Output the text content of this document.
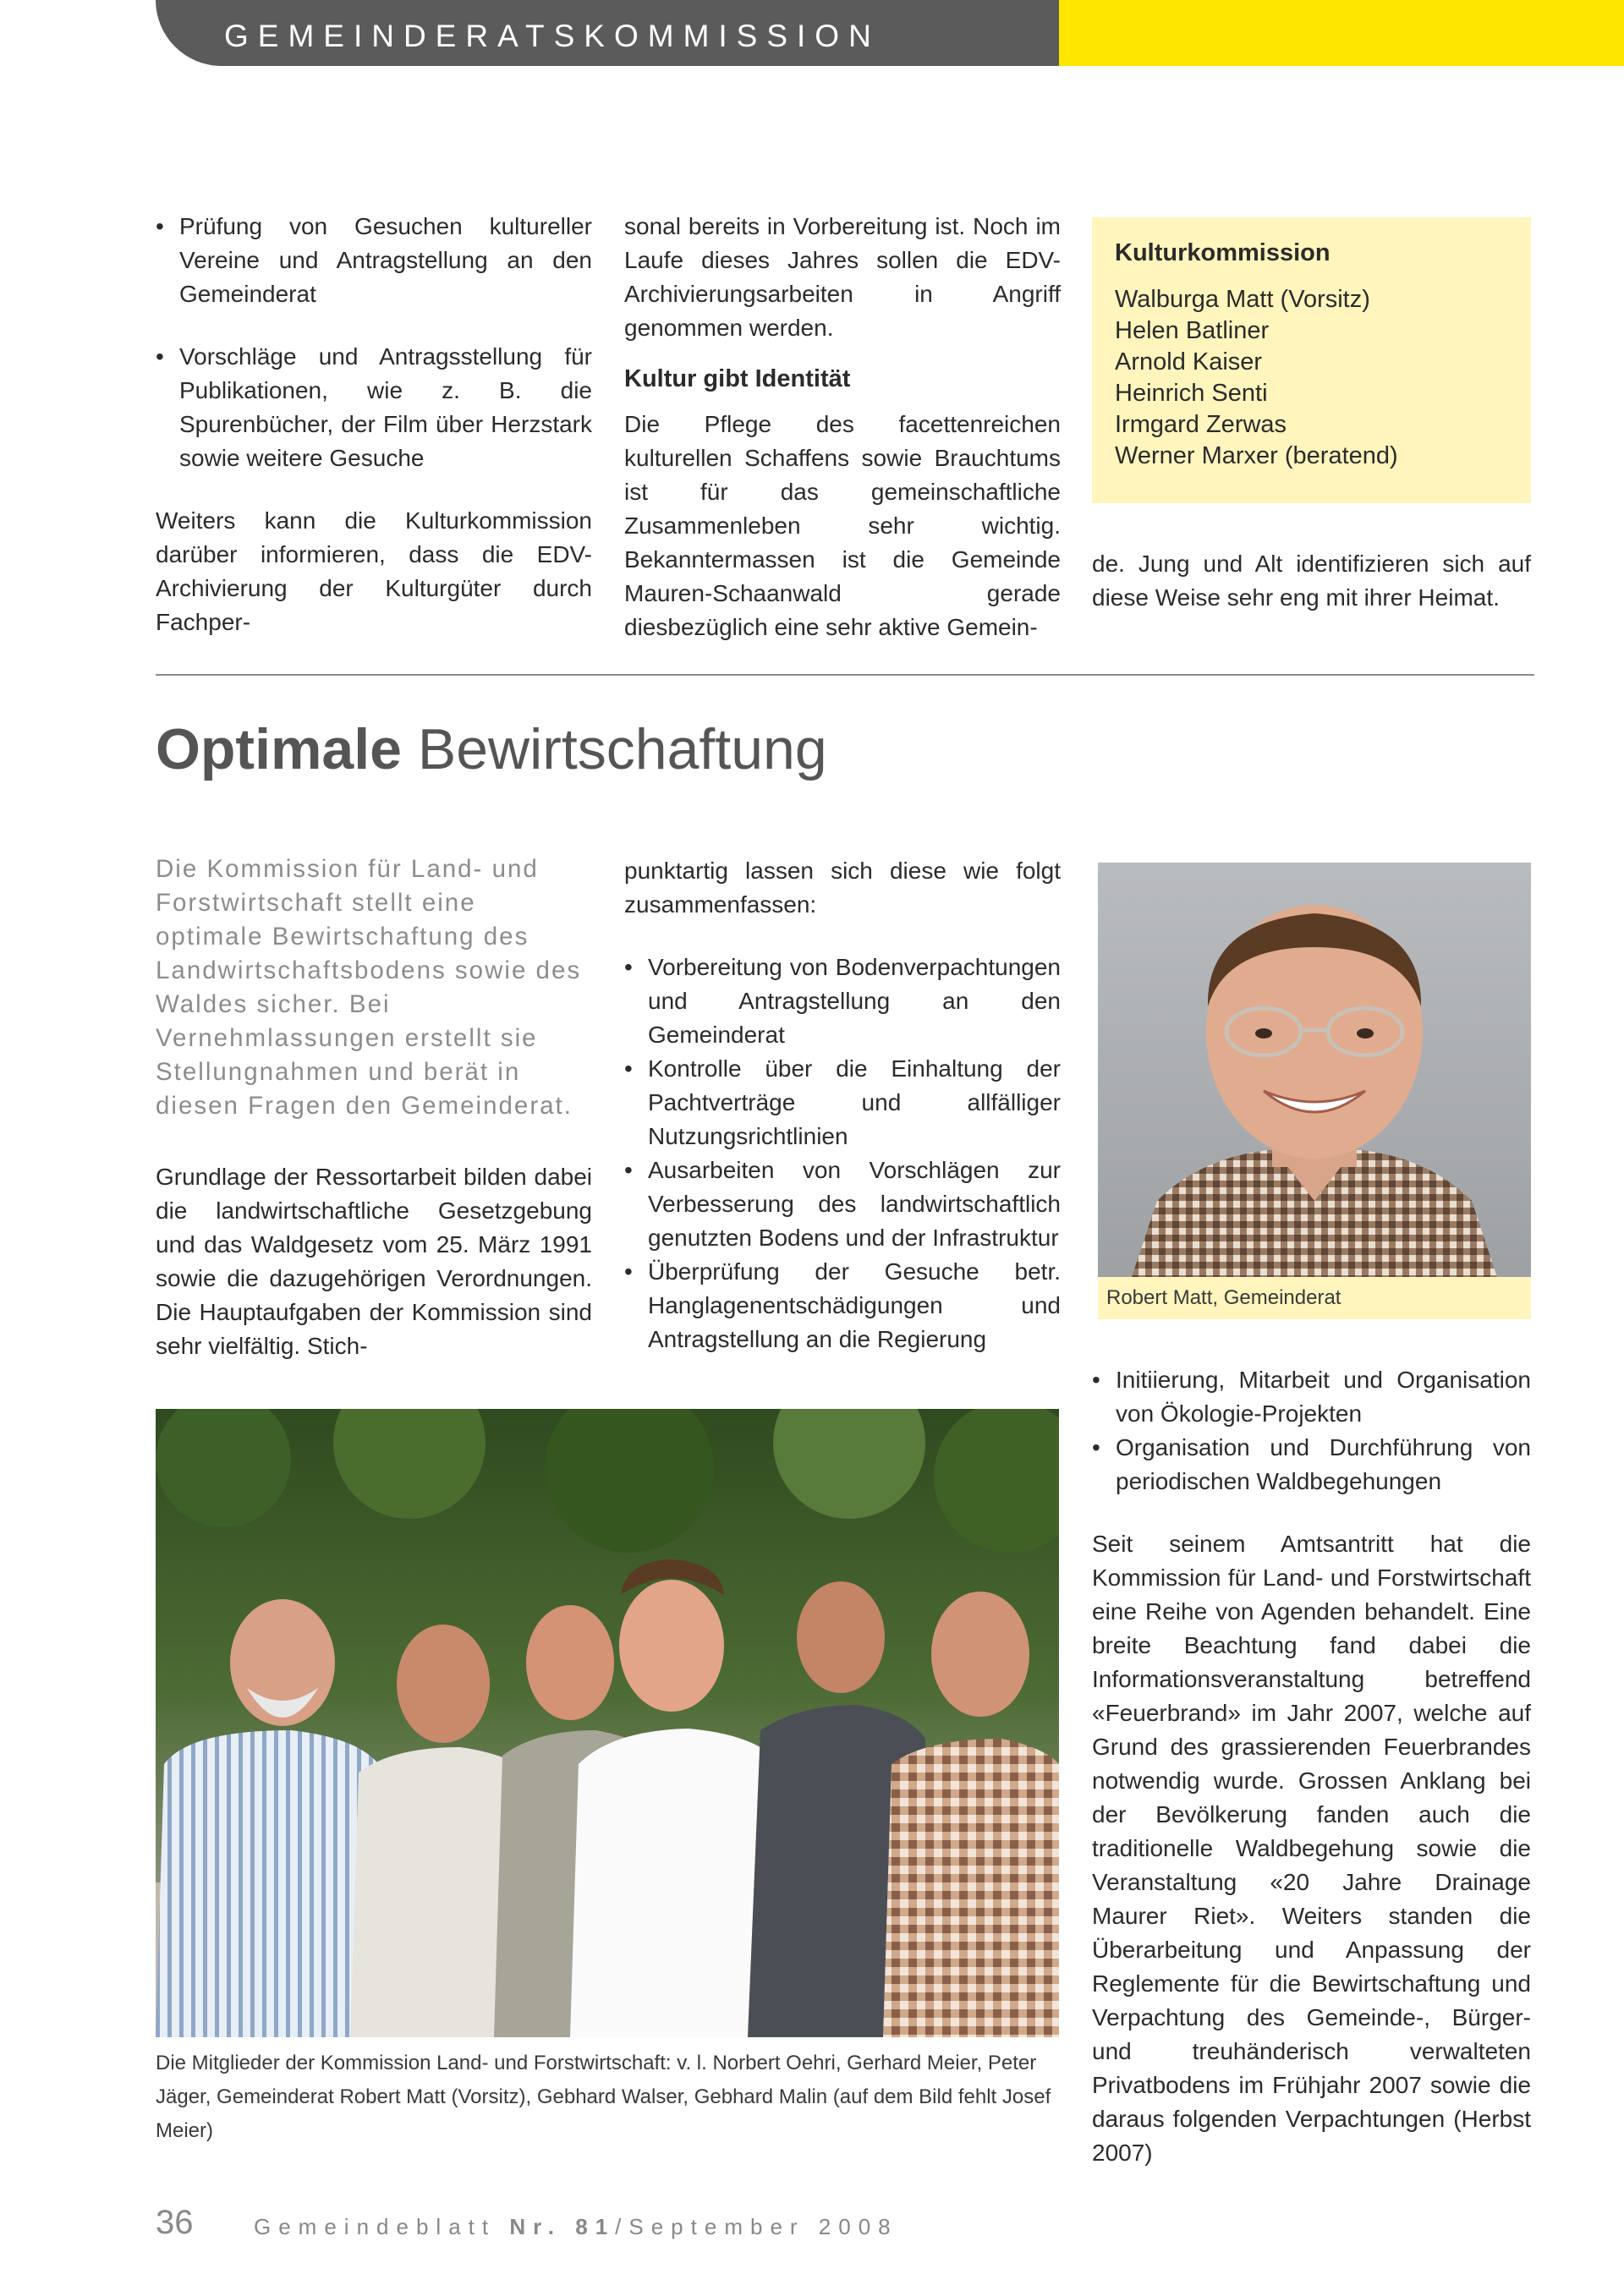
GEMEINDERATSKOMMISSION

• Prüfung von Gesuchen kultureller Vereine und Antragstellung an den Gemeinderat

• Vorschläge und Antragsstellung für Publikationen, wie z. B. die Spurenbücher, der Film über Herzstark sowie weitere Gesuche

Weiters kann die Kulturkommission darüber informieren, dass die EDV-Archivierung der Kulturgüter durch Fachper-

sonal bereits in Vorbereitung ist. Noch im Laufe dieses Jahres sollen die EDV-Archivierungsarbeiten in Angriff genommen werden.

Kultur gibt Identität

Die Pflege des facettenreichen kulturellen Schaffens sowie Brauchtums ist für das gemeinschaftliche Zusammenleben sehr wichtig. Bekanntermassen ist die Gemeinde Mauren-Schaanwald gerade diesbezüglich eine sehr aktive Gemein-

Kulturkommission
Walburga Matt (Vorsitz)
Helen Batliner
Arnold Kaiser
Heinrich Senti
Irmgard Zerwas
Werner Marxer (beratend)

de. Jung und Alt identifizieren sich auf diese Weise sehr eng mit ihrer Heimat.

Optimale Bewirtschaftung
Die Kommission für Land- und Forstwirtschaft stellt eine optimale Bewirtschaftung des Landwirtschaftsbodens sowie des Waldes sicher. Bei Vernehmlassungen erstellt sie Stellungnahmen und berät in diesen Fragen den Gemeinderat.

Grundlage der Ressortarbeit bilden dabei die landwirtschaftliche Gesetzgebung und das Waldgesetz vom 25. März 1991 sowie die dazugehörigen Verordnungen. Die Hauptaufgaben der Kommission sind sehr vielfältig. Stich-

punktartig lassen sich diese wie folgt zusammenfassen:

• Vorbereitung von Bodenverpachtungen und Antragstellung an den Gemeinderat

• Kontrolle über die Einhaltung der Pachtverträge und allfälliger Nutzungsrichtlinien

• Ausarbeiten von Vorschlägen zur Verbesserung des landwirtschaftlich genutzten Bodens und der Infrastruktur

• Überprüfung der Gesuche betr. Hanglagenentschädigungen und Antragstellung an die Regierung

Robert Matt, Gemeinderat

• Initiierung, Mitarbeit und Organisation von Ökologie-Projekten

• Organisation und Durchführung von periodischen Waldbegehungen

Seit seinem Amtsantritt hat die Kommission für Land- und Forstwirtschaft eine Reihe von Agenden behandelt. Eine breite Beachtung fand dabei die Informationsveranstaltung betreffend «Feuerbrand» im Jahr 2007, welche auf Grund des grassierenden Feuerbrandes notwendig wurde. Grossen Anklang bei der Bevölkerung fanden auch die traditionelle Waldbegehung sowie die Veranstaltung «20 Jahre Drainage Maurer Riet». Weiters standen die Überarbeitung und Anpassung der Reglemente für die Bewirtschaftung und Verpachtung des Gemeinde-, Bürger- und treuhänderisch verwalteten Privatbodens im Frühjahr 2007 sowie die daraus folgenden Verpachtungen (Herbst 2007)

Die Mitglieder der Kommission Land- und Forstwirtschaft: v. l. Norbert Oehri, Gerhard Meier, Peter Jäger, Gemeinderat Robert Matt (Vorsitz), Gebhard Walser, Gebhard Malin (auf dem Bild fehlt Josef Meier)
36	Gemeindeblatt Nr. 81/September 2008
